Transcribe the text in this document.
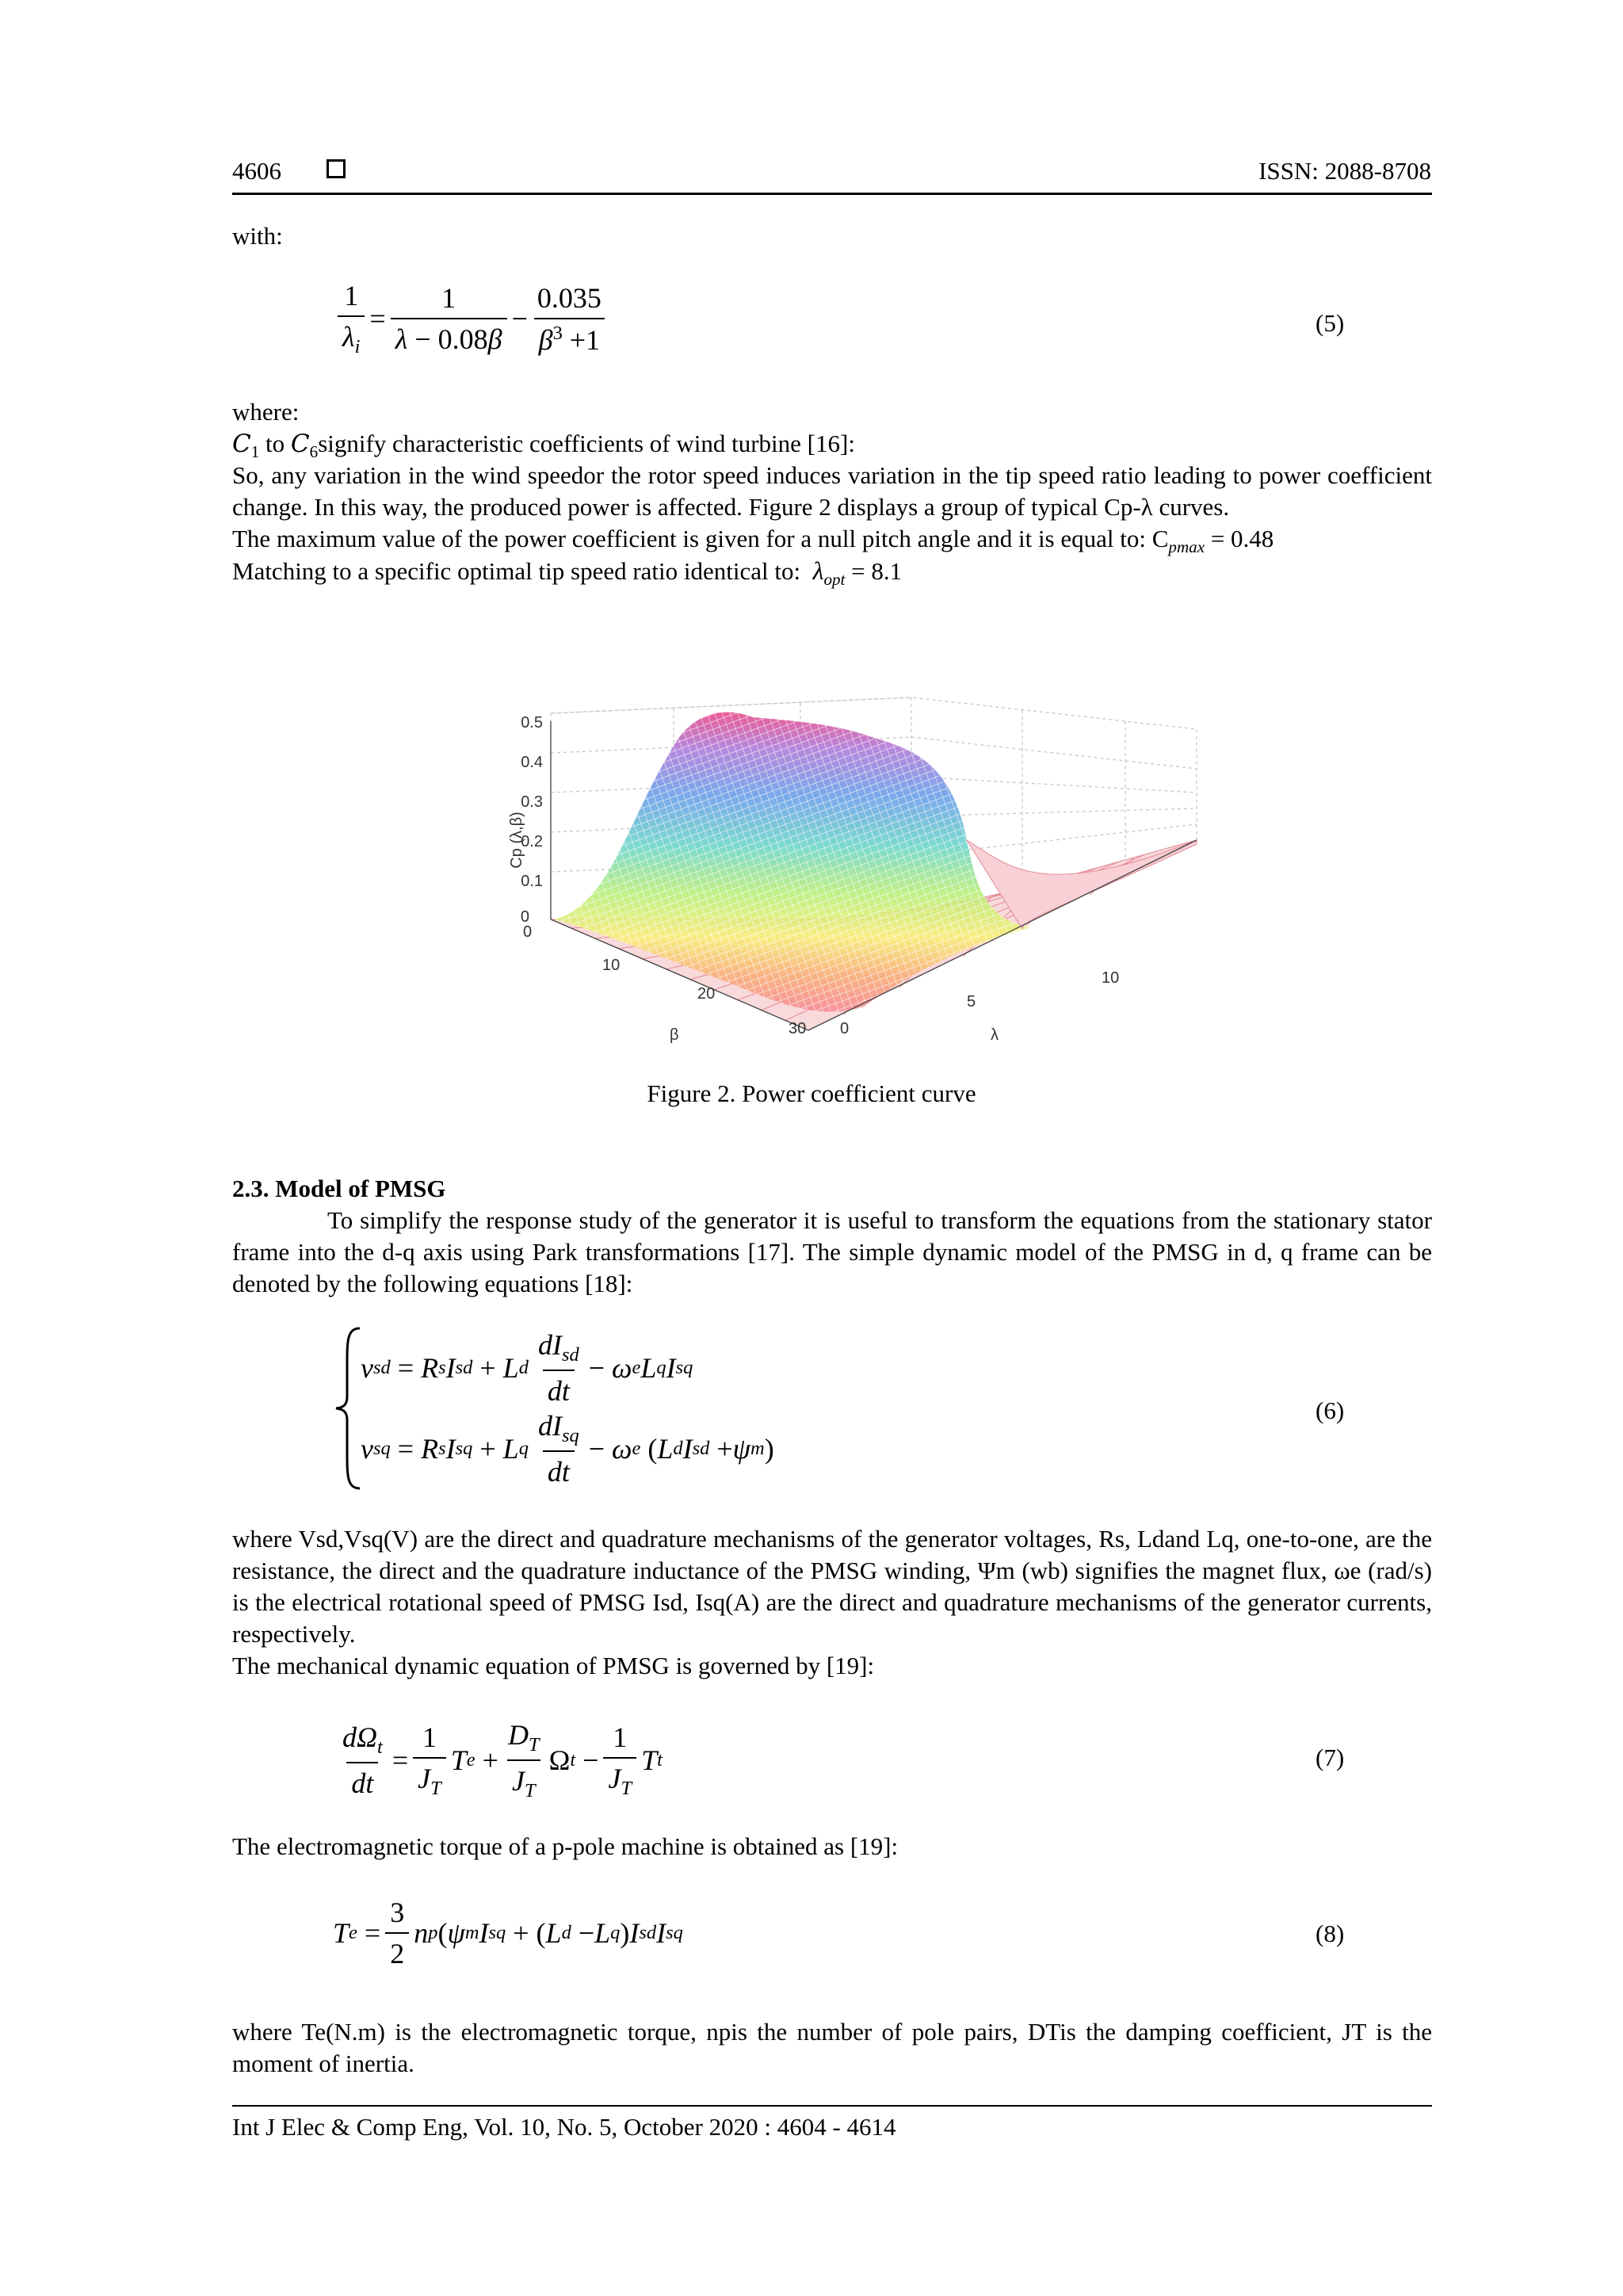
4606	ISSN: 2088-8708
with:
$\frac{1}{\lambda_i} = \frac{1}{\lambda - 0.08\beta} - \frac{0.035}{\beta^3 +1}$	(5)
where:
$C_1$ to $C_6signify$ characteristic coefficients of wind turbine [16]:
So, any variation in the wind speedor the rotor speed induces variation in the tip speed ratio leading to power coefficient change. In this way, the produced power is affected. Figure 2 displays a group of typical Cp-λ curves.
The maximum value of the power coefficient is given for a null pitch angle and it is equal to: $C_{pmax} = 0.48$
Matching to a specific optimal tip speed ratio identical to: $\lambda_{opt} = 8.1$
0.5
0.4
0.3
0.2
0.1
0
Cp (λ,β)
0
10
20
30
β	0
5
10
λ
Figure 2. Power coefficient curve
2.3. Model of PMSG
To simplify the response study of the generator it is useful to transform the equations from the stationary stator frame into the d-q axis using Park transformations [17]. The simple dynamic model of the PMSG in d, q frame can be denoted by the following equations [18]:
v sd = R s I sd + L d $\frac{dI_{sd}}{dt} - \omega$ e L q I sq
v sq = R s I sq + L q $\frac{dI_{sq}}{dt} - \omega$ e ( L d I sd + ψ m )
(6)
where Vsd,Vsq(V) are the direct and quadrature mechanisms of the generator voltages, Rs, Ldand Lq, one-to-one, are the resistance, the direct and the quadrature inductance of the PMSG winding, Ψm (wb) signifies the magnet flux, ωe (rad/s) is the electrical rotational speed of PMSG Isd, Isq(A) are the direct and quadrature mechanisms of the generator currents, respectively.
The mechanical dynamic equation of PMSG is governed by [19]:
$\frac{d\Omega_t}{dt} = \frac{1}{J_T}$ T $e + \frac{D_T}{J_T}$ Ω $t - \frac{1}{J_T}$ T t	(7)
The electromagnetic torque of a p-pole machine is obtained as [19]:
T $e = \frac{3}{2}$ n p ( ψ m I sq + ( L d − L q ) I sd I sq	(8)
where Te(N.m) is the electromagnetic torque, npis the number of pole pairs, DTis the damping coefficient, JT is the moment of inertia.
Int J Elec & Comp Eng, Vol. 10, No. 5, October 2020 : 4604 - 4614
